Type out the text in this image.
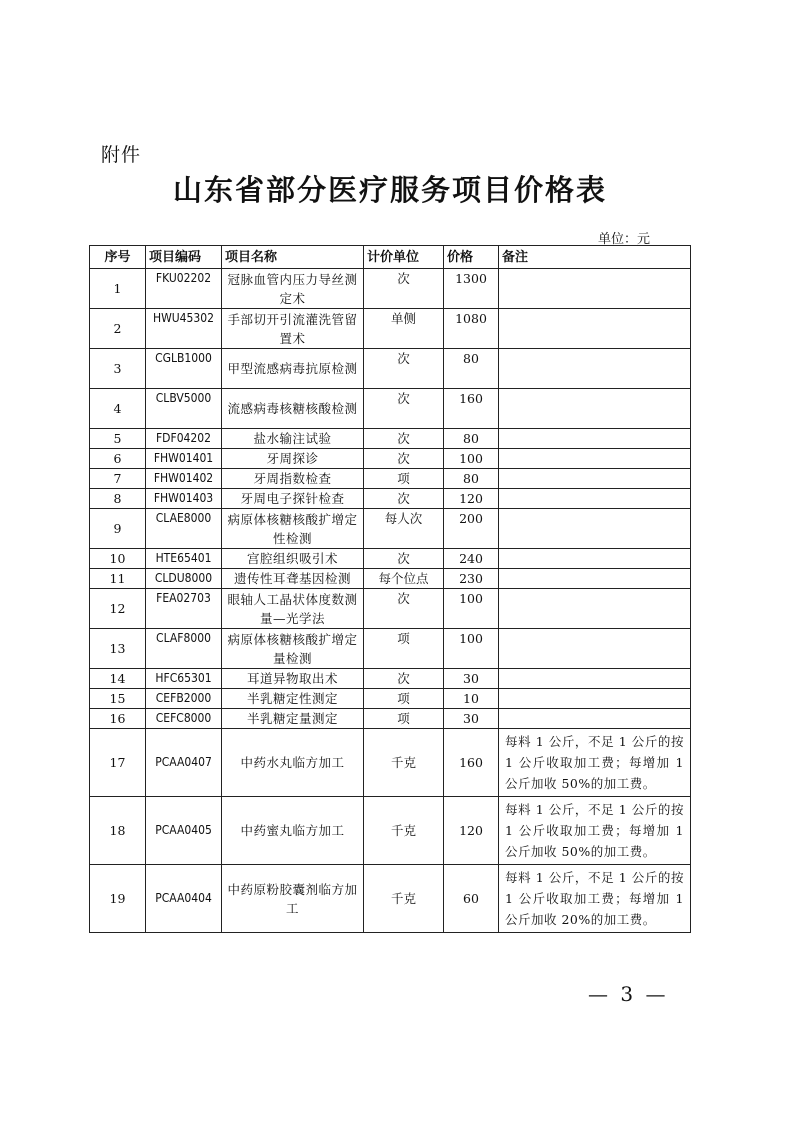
附件
山东省部分医疗服务项目价格表
单位：元
序号	项目编码	项目名称	计价单位	价格	备注
1	FKU02202	冠脉血管内压力导丝测定术	次	1300	
2	HWU45302	手部切开引流灌洗管留置术	单侧	1080	
3	CGLB1000	甲型流感病毒抗原检测	次	80	
4	CLBV5000	流感病毒核糖核酸检测	次	160	
5	FDF04202	盐水输注试验	次	80	
6	FHW01401	牙周探诊	次	100	
7	FHW01402	牙周指数检查	项	80	
8	FHW01403	牙周电子探针检查	次	120	
9	CLAE8000	病原体核糖核酸扩增定性检测	每人次	200	
10	HTE65401	宫腔组织吸引术	次	240	
11	CLDU8000	遗传性耳聋基因检测	每个位点	230	
12	FEA02703	眼轴人工晶状体度数测量—光学法	次	100	
13	CLAF8000	病原体核糖核酸扩增定量检测	项	100	
14	HFC65301	耳道异物取出术	次	30	
15	CEFB2000	半乳糖定性测定	项	10	
16	CEFC8000	半乳糖定量测定	项	30	
17	PCAA0407	中药水丸临方加工	千克	160	每料 1 公斤，不足 1 公斤的按 1 公斤收取加工费；每增加 1 公斤加收 50%的加工费。
18	PCAA0405	中药蜜丸临方加工	千克	120	每料 1 公斤，不足 1 公斤的按 1 公斤收取加工费；每增加 1 公斤加收 50%的加工费。
19	PCAA0404	中药原粉胶囊剂临方加工	千克	60	每料 1 公斤，不足 1 公斤的按 1 公斤收取加工费；每增加 1 公斤加收 20%的加工费。
— 3 —
